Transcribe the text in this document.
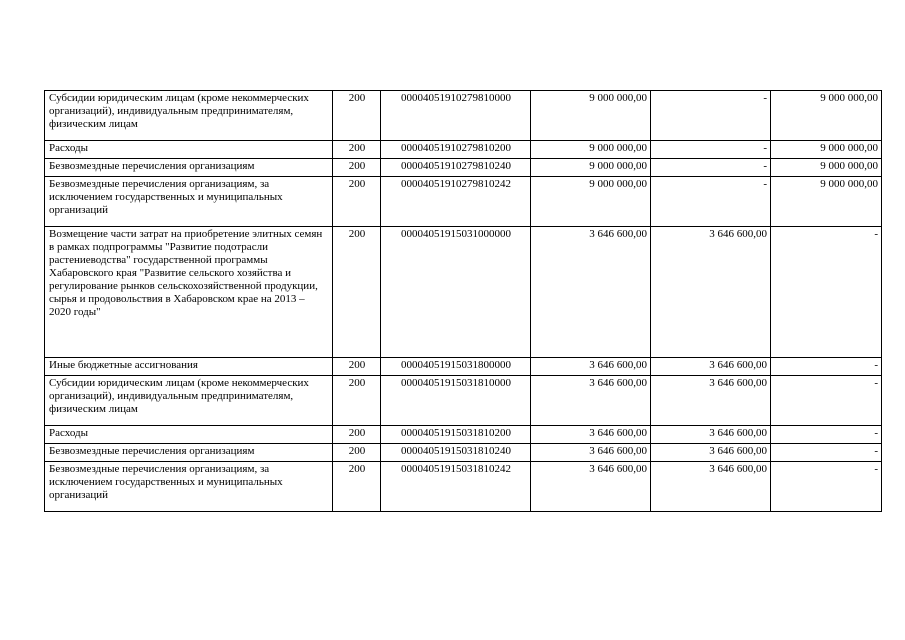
Субсидии юридическим лицам (кроме некоммерческих организаций), индивидуальным предпринимателям, физическим лицам	200	00004051910279810000	9 000 000,00	-	9 000 000,00
Расходы	200	00004051910279810200	9 000 000,00	-	9 000 000,00
Безвозмездные перечисления организациям	200	00004051910279810240	9 000 000,00	-	9 000 000,00
Безвозмездные перечисления организациям, за исключением государственных и муниципальных организаций	200	00004051910279810242	9 000 000,00	-	9 000 000,00
Возмещение части затрат на приобретение элитных семян в рамках подпрограммы "Развитие подотрасли растениеводства" государственной программы Хабаровского края "Развитие сельского хозяйства и регулирование рынков сельскохозяйственной продукции, сырья и продовольствия в Хабаровском крае на 2013 – 2020 годы"	200	00004051915031000000	3 646 600,00	3 646 600,00	-
Иные бюджетные ассигнования	200	00004051915031800000	3 646 600,00	3 646 600,00	-
Субсидии юридическим лицам (кроме некоммерческих организаций), индивидуальным предпринимателям, физическим лицам	200	00004051915031810000	3 646 600,00	3 646 600,00	-
Расходы	200	00004051915031810200	3 646 600,00	3 646 600,00	-
Безвозмездные перечисления организациям	200	00004051915031810240	3 646 600,00	3 646 600,00	-
Безвозмездные перечисления организациям, за исключением государственных и муниципальных организаций	200	00004051915031810242	3 646 600,00	3 646 600,00	-
